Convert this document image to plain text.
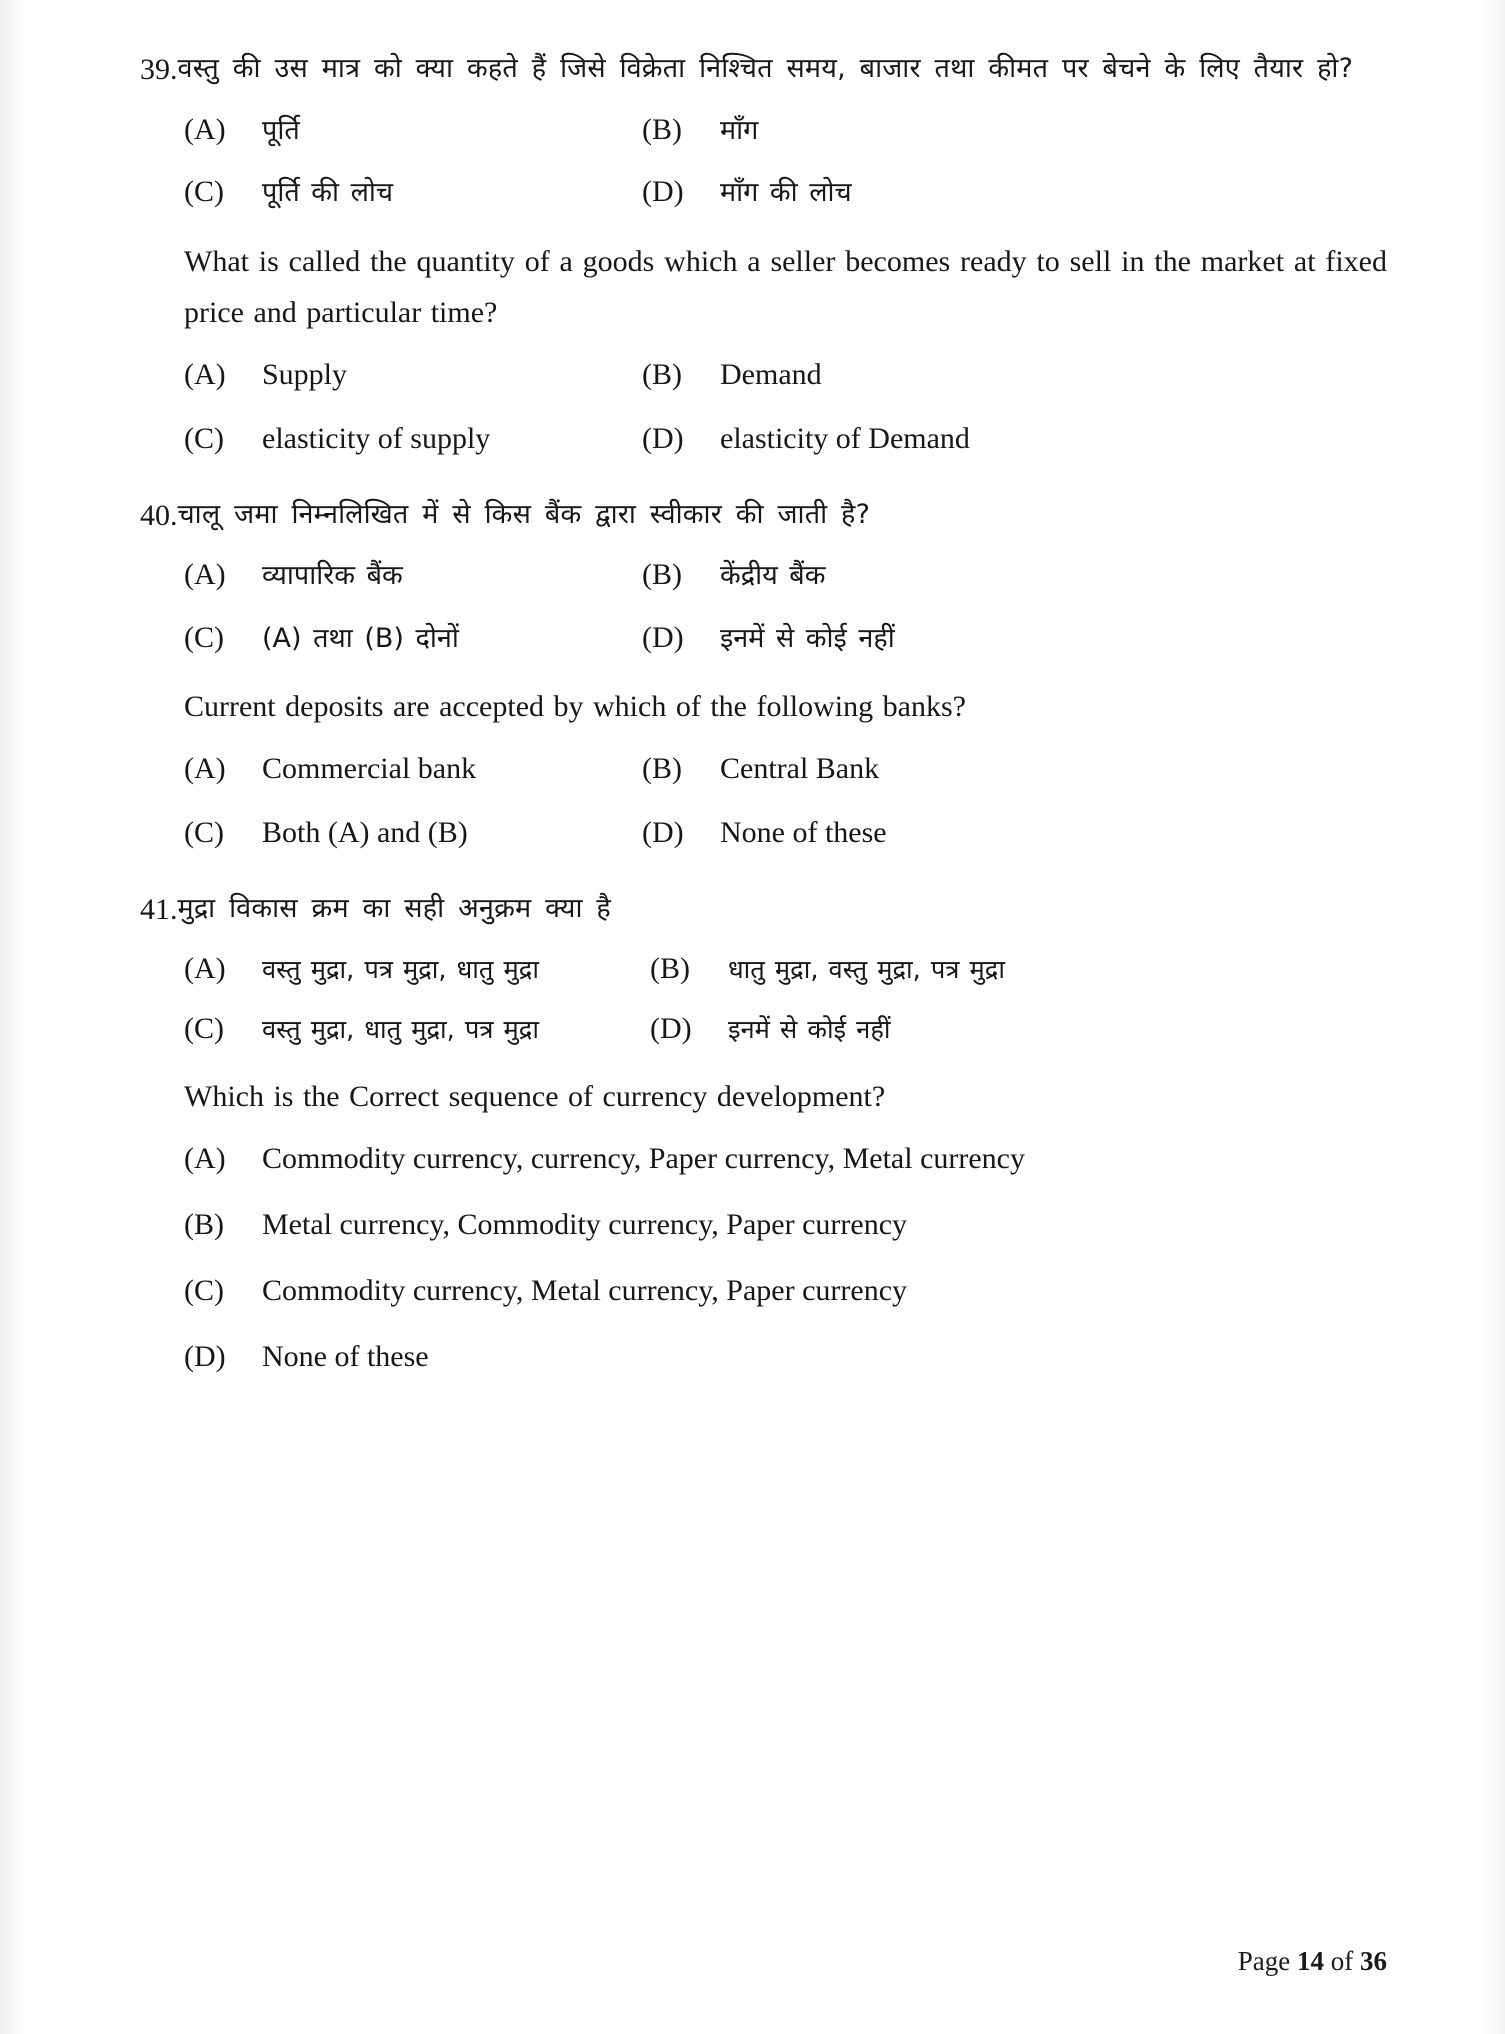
39. वस्तु की उस मात्र को क्या कहते हैं जिसे विक्रेता निश्चित समय, बाजार तथा कीमत पर बेचने के लिए तैयार हो?
(A)	पूर्ति	(B)	माँग
(C)	पूर्ति की लोच	(D)	माँग की लोच
What is called the quantity of a goods which a seller becomes ready to sell in the market at fixed price and particular time?
(A)	Supply	(B)	Demand
(C)	elasticity of supply	(D)	elasticity of Demand
40. चालू जमा निम्नलिखित में से किस बैंक द्वारा स्वीकार की जाती है?
(A)	व्यापारिक बैंक	(B)	केंद्रीय बैंक
(C)	(A) तथा (B) दोनों	(D)	इनमें से कोई नहीं
Current deposits are accepted by which of the following banks?
(A)	Commercial bank	(B)	Central Bank
(C)	Both (A) and (B)	(D)	None of these
41. मुद्रा विकास क्रम का सही अनुक्रम क्या है
(A)	वस्तु मुद्रा, पत्र मुद्रा, धातु मुद्रा	(B)	धातु मुद्रा, वस्तु मुद्रा, पत्र मुद्रा
(C)	वस्तु मुद्रा, धातु मुद्रा, पत्र मुद्रा	(D)	इनमें से कोई नहीं
Which is the Correct sequence of currency development?
(A)	Commodity currency, currency, Paper currency, Metal currency
(B)	Metal currency, Commodity currency, Paper currency
(C)	Commodity currency, Metal currency, Paper currency
(D)	None of these

Page 14 of 36
